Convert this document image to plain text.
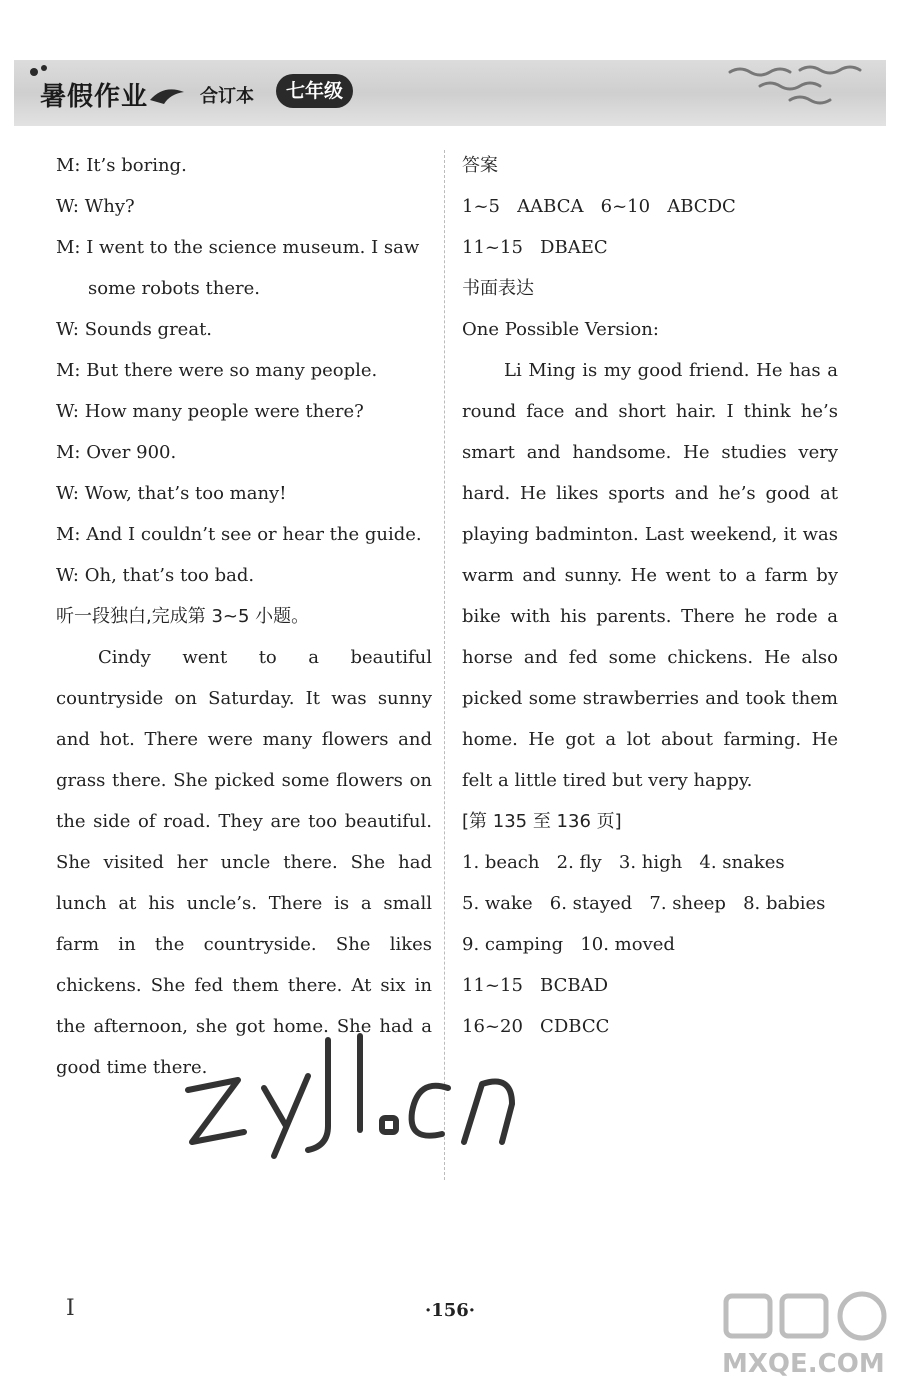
暑假作业	合订本	七年级
M: It’s boring.
W: Why?
M: I went to the science museum. I saw
some robots there.
W: Sounds great.
M: But there were so many people.
W: How many people were there?
M: Over 900.
W: Wow, that’s too many!
M: And I couldn’t see or hear the guide.
W: Oh, that’s too bad.
听一段独白,完成第 3~5 小题。

Cindy went to a beautiful countryside on Saturday. It was sunny and hot. There were many flowers and grass there. She picked some flowers on the side of road. They are too beautiful. She visited her uncle there. She had lunch at his uncle’s. There is a small farm in the countryside. She likes chickens. She fed them there. At six in the afternoon, she got home. She had a good time there.

答案
1~5   AABCA   6~10   ABCDC
11~15   DBAEC
书面表达
One Possible Version:

Li Ming is my good friend. He has a round face and short hair. I think he’s smart and handsome. He studies very hard. He likes sports and he’s good at playing badminton. Last weekend, it was warm and sunny. He went to a farm by bike with his parents. There he rode a horse and fed some chickens. He also picked some strawberries and took them home. He got a lot about farming. He felt a little tired but very happy.

[第 135 至 136 页]
1. beach   2. fly   3. high   4. snakes
5. wake   6. stayed   7. sheep   8. babies
9. camping   10. moved
11~15   BCBAD
16~20   CDBCC
I	·156·
MXQE.COM
